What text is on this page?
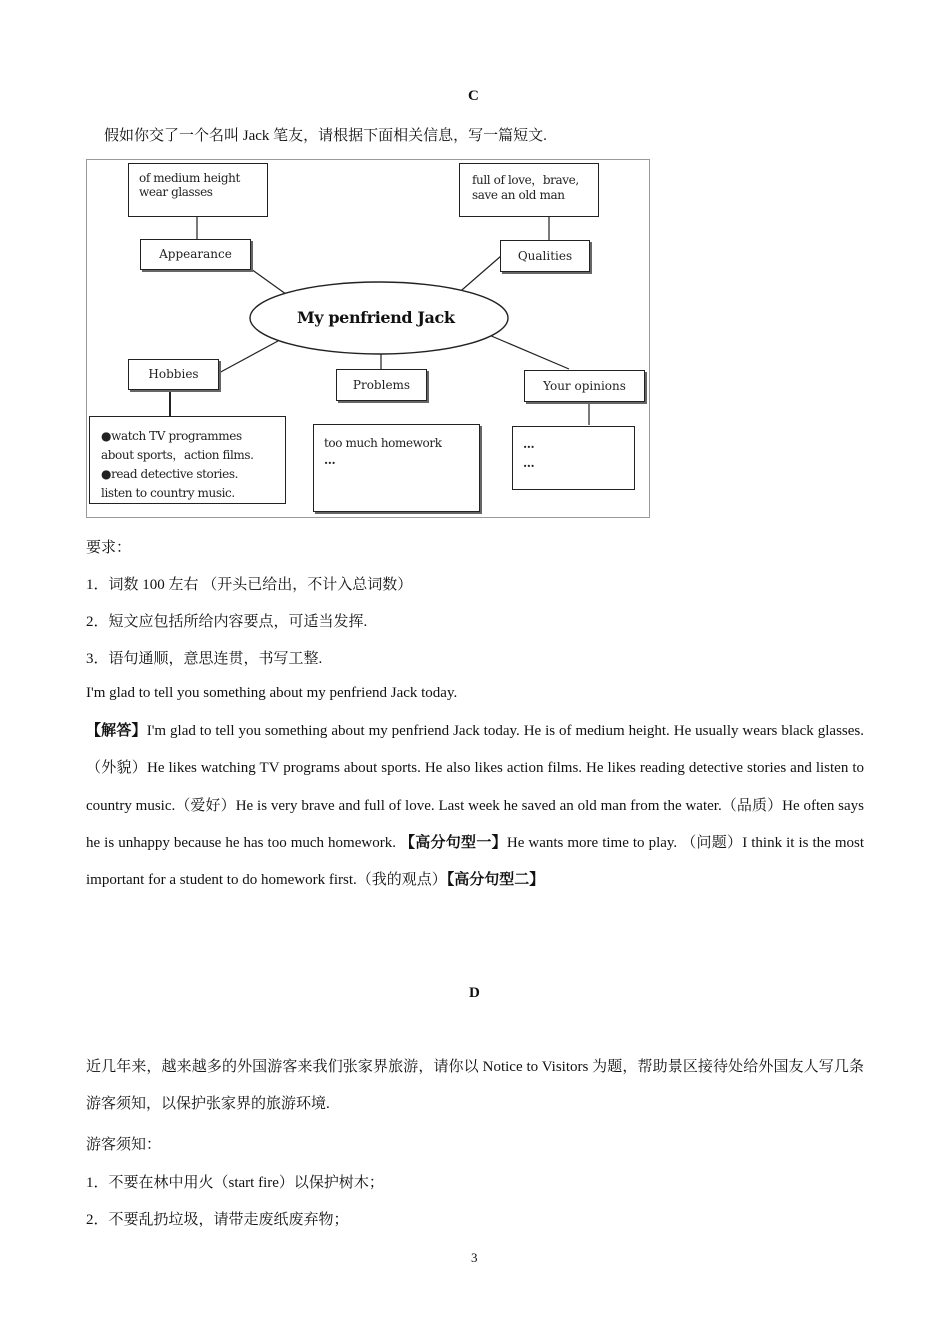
C
假如你交了一个名叫 Jack 笔友，请根据下面相关信息，写一篇短文.
My penfriend Jack
of medium height
wear glasses
Appearance
full of love，brave,
save an old man
Qualities
Hobbies
●watch TV programmes
about sports，action films.
●read detective stories.
listen to country music.
Problems
too much homework
...
Your opinions
...
...
要求：
1．词数 100 左右 （开头已给出，不计入总词数）
2．短文应包括所给内容要点，可适当发挥.
3．语句通顺，意思连贯，书写工整.
I'm glad to tell you something about my penfriend Jack today.
【解答】I'm glad to tell you something about my penfriend Jack today. He is of medium height. He usually wears black glasses.（外貌）He likes watching TV programs about sports. He also likes action films. He likes reading detective stories and listen to country music.（爱好）He is very brave and full of love. Last week he saved an old man from the water.（品质）He often says he is unhappy because he has too much homework. 【高分句型一】He wants more time to play. （问题）I think it is the most important for a student to do homework first.（我的观点）【高分句型二】
D
近几年来，越来越多的外国游客来我们张家界旅游，请你以 Notice to Visitors 为题，帮助景区接待处给外国友人写几条游客须知，以保护张家界的旅游环境.
游客须知：
1．不要在林中用火（start fire）以保护树木；
2．不要乱扔垃圾，请带走废纸废弃物；
3
